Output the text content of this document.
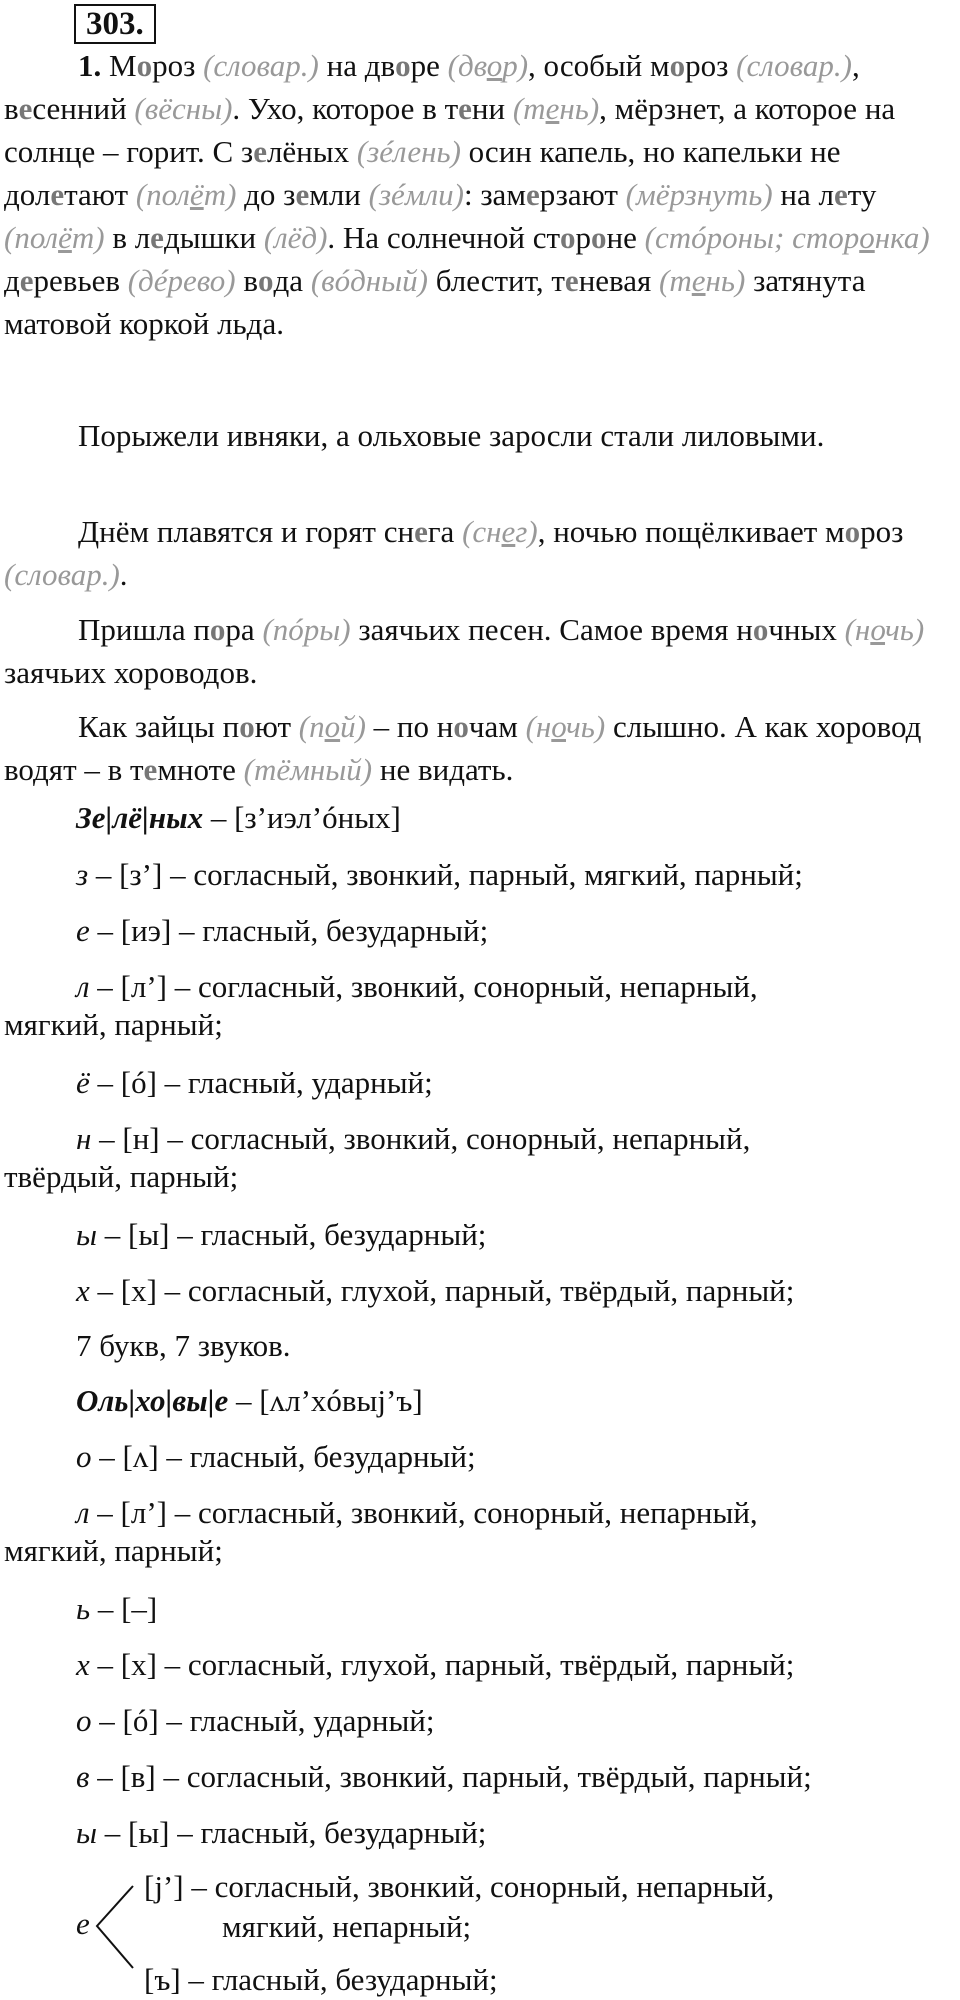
303.

1. Мороз (словар.) на дворе (двор), особый мороз (словар.), весенний (вёсны). Ухо, которое в тени (тень), мёрзнет, а которое на солнце – горит. С зелёных (зéлень) осин капель, но капельки не долетают (полёт) до земли (зéмли): замерзают (мёрзнуть) на лету (полёт) в ледышки (лёд). На солнечной стороне (стóроны; сторонка) деревьев (дéрево) вода (вóдный) блестит, теневая (тень) затянута матовой коркой льда.

Порыжели ивняки, а ольховые заросли стали лиловыми.

Днём плавятся и горят снега (снег), ночью пощёлкивает мороз (словар.).

Пришла пора (пóры) заячьих песен. Самое время ночных (ночь) заячьих хороводов.

Как зайцы поют (пой) – по ночам (ночь) слышно. А как хоровод водят – в темноте (тёмный) не видать.

Зе|лё|ных – [з’иэл’óных]
з – [з’] – согласный, звонкий, парный, мягкий, парный;
е – [иэ] – гласный, безударный;
л – [л’] – согласный, звонкий, сонорный, непарный,
мягкий, парный;
ё – [ó] – гласный, ударный;
н – [н] – согласный, звонкий, сонорный, непарный,
твёрдый, парный;
ы – [ы] – гласный, безударный;
х – [х] – согласный, глухой, парный, твёрдый, парный;
7 букв, 7 звуков.
Оль|хо|вы|е – [ʌл’хóвыj’ъ]
о – [ʌ] – гласный, безударный;
л – [л’] – согласный, звонкий, сонорный, непарный,
мягкий, парный;
ь – [–]
х – [х] – согласный, глухой, парный, твёрдый, парный;
о – [ó] – гласный, ударный;
в – [в] – согласный, звонкий, парный, твёрдый, парный;
ы – [ы] – гласный, безударный;
е
[j’] – согласный, звонкий, сонорный, непарный,
мягкий, непарный;
[ъ] – гласный, безударный;
